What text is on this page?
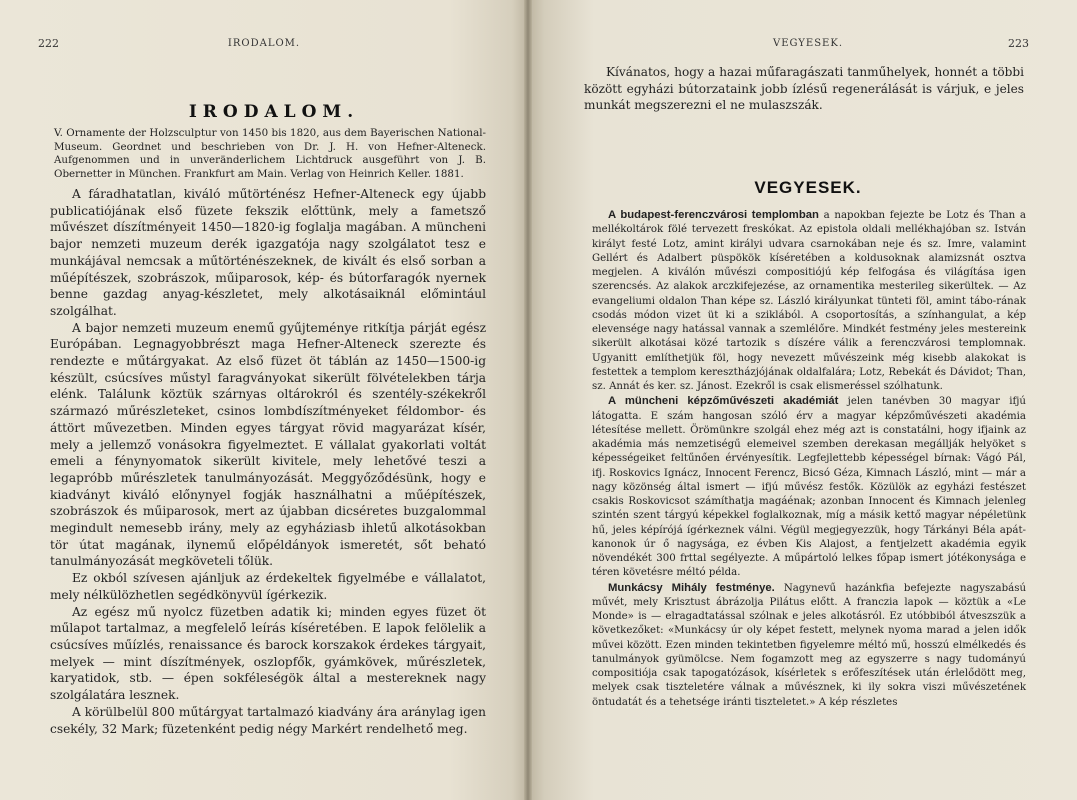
222	IRODALOM.
IRODALOM.

V. Ornamente der Holzsculptur von 1450 bis 1820, aus dem Bayerischen National-Museum. Geordnet und beschrieben von Dr. J. H. von Hefner-Alteneck. Aufgenommen und in unveränderlichem Lichtdruck ausgeführt von J. B. Obernetter in München. Frankfurt am Main. Verlag von Heinrich Keller. 1881.

A fáradhatatlan, kiváló műtörténész Hefner-Alteneck egy újabb publicatiójának első füzete fekszik előttünk, mely a fametsző művészet díszítményeit 1450—1820-ig foglalja magában. A müncheni bajor nemzeti muzeum derék igazgatója nagy szolgálatot tesz e munkájával nemcsak a műtörténészeknek, de kivált és első sorban a műépítészek, szobrászok, műiparosok, kép- és bútorfaragók nyernek benne gazdag anyag-készletet, mely alkotásaiknál előmintául szolgálhat.

A bajor nemzeti muzeum enemű gyűjteménye ritkítja párját egész Európában. Legnagyobbrészt maga Hefner-Alteneck szerezte és rendezte e műtárgyakat. Az első füzet öt táblán az 1450—1500-ig készült, csúcsíves műstyl faragványokat sikerült fölvételekben tárja elénk. Találunk köztük szárnyas oltárokról és szentély-székekről származó műrészleteket, csinos lombdíszítményeket féldombor- és áttört művezetben. Minden egyes tárgyat rövid magyarázat kísér, mely a jellemző vonásokra figyelmeztet. E vállalat gyakorlati voltát emeli a fénynyomatok sikerült kivitele, mely lehetővé teszi a legapróbb műrészletek tanulmányozását. Meggyőződésünk, hogy e kiadványt kiváló előnynyel fogják használhatni a műépítészek, szobrászok és műiparosok, mert az újabban dicséretes buzgalommal megindult nemesebb irány, mely az egyháziasb ihletű alkotásokban tör útat magának, ilynemű előpéldányok ismeretét, sőt beható tanulmányozását megköveteli tőlük.

Ez okból szívesen ajánljuk az érdekeltek figyelmébe e vállalatot, mely nélkülözhetlen segédkönyvül ígérkezik.

Az egész mű nyolcz füzetben adatik ki; minden egyes füzet öt műlapot tartalmaz, a megfelelő leírás kíséretében. E lapok felölelik a csúcsíves műízlés, renaissance és barock korszakok érdekes tárgyait, melyek — mint díszítmények, oszlopfők, gyámkövek, műrészletek, karyatidok, stb. — épen sokféleségök által a mestereknek nagy szolgálatára lesznek.

A körülbelül 800 műtárgyat tartalmazó kiadvány ára aránylag igen csekély, 32 Mark; füzetenként pedig négy Markért rendelhető meg.

VEGYESEK.	223

Kívánatos, hogy a hazai műfaragászati tanműhelyek, honnét a többi között egyházi bútorzataink jobb ízlésű regenerálását is várjuk, e jeles munkát megszerezni el ne mulaszszák.

VEGYESEK.

A budapest-ferenczvárosi templomban a napokban fejezte be Lotz és Than a mellékoltárok fölé tervezett freskókat. Az epistola oldali mellékhajóban sz. István királyt festé Lotz, amint királyi udvara csarnokában neje és sz. Imre, valamint Gellért és Adalbert püspökök kíséretében a koldusoknak alamizsnát osztva megjelen. A kiválón művészi compositiójú kép felfogása és világítása igen szerencsés. Az alakok arczkifejezése, az ornamentika mesterileg sikerültek. — Az evangeliumi oldalon Than képe sz. László királyunkat tünteti föl, amint tábo-rának csodás módon vizet üt ki a sziklából. A csoportosítás, a színhangulat, a kép elevensége nagy hatással vannak a szemlélőre. Mindkét festmény jeles mestereink sikerült alkotásai közé tartozik s díszére válik a ferenczvárosi templomnak. Ugyanitt említhetjük föl, hogy nevezett művészeink még kisebb alakokat is festettek a templom keresztházjójának oldalfalára; Lotz, Rebekát és Dávidot; Than, sz. Annát és ker. sz. Jánost. Ezekről is csak elismeréssel szólhatunk.

A müncheni képzőművészeti akadémiát jelen tanévben 30 magyar ifjú látogatta. E szám hangosan szóló érv a magyar képzőművészeti akadémia létesítése mellett. Örömünkre szolgál ehez még azt is constatálni, hogy ifjaink az akadémia más nemzetiségű elemeivel szemben derekasan megállják helyöket s képességeiket feltűnően érvényesítik. Legfejlettebb képességel bírnak: Vágó Pál, ifj. Roskovics Ignácz, Innocent Ferencz, Bicsó Géza, Kimnach László, mint — már a nagy közönség által ismert — ifjú művész festők. Közülök az egyházi festészet csakis Roskovicsot számíthatja magáénak; azonban Innocent és Kimnach jelenleg szintén szent tárgyú képekkel foglalkoznak, míg a másik kettő magyar népéletünk hű, jeles képírójá ígérkeznek válni. Végül megjegyezzük, hogy Tárkányi Béla apát-kanonok úr ő nagysága, ez évben Kis Alajost, a fentjelzett akadémia egyik növendékét 300 frttal segélyezte. A műpártoló lelkes főpap ismert jótékonysága e téren követésre méltó példa.

Munkácsy Mihály festménye. Nagynevű hazánkfia befejezte nagyszabású művét, mely Krisztust ábrázolja Pilátus előtt. A franczia lapok — köztük a «Le Monde» is — elragadtatással szólnak e jeles alkotásról. Ez utóbbiból átveszszük a következőket: «Munkácsy úr oly képet festett, melynek nyoma marad a jelen idők művei között. Ezen minden tekintetben figyelemre méltó mű, hosszú elmélkedés és tanulmányok gyümölcse. Nem fogamzott meg az egyszerre s nagy tudományú compositiója csak tapogatózások, kísérletek s erőfeszítések után érlelődött meg, melyek csak tiszteletére válnak a művésznek, ki ily sokra viszi művészetének öntudatát és a tehetsége iránti tiszteletet.» A kép részletes
